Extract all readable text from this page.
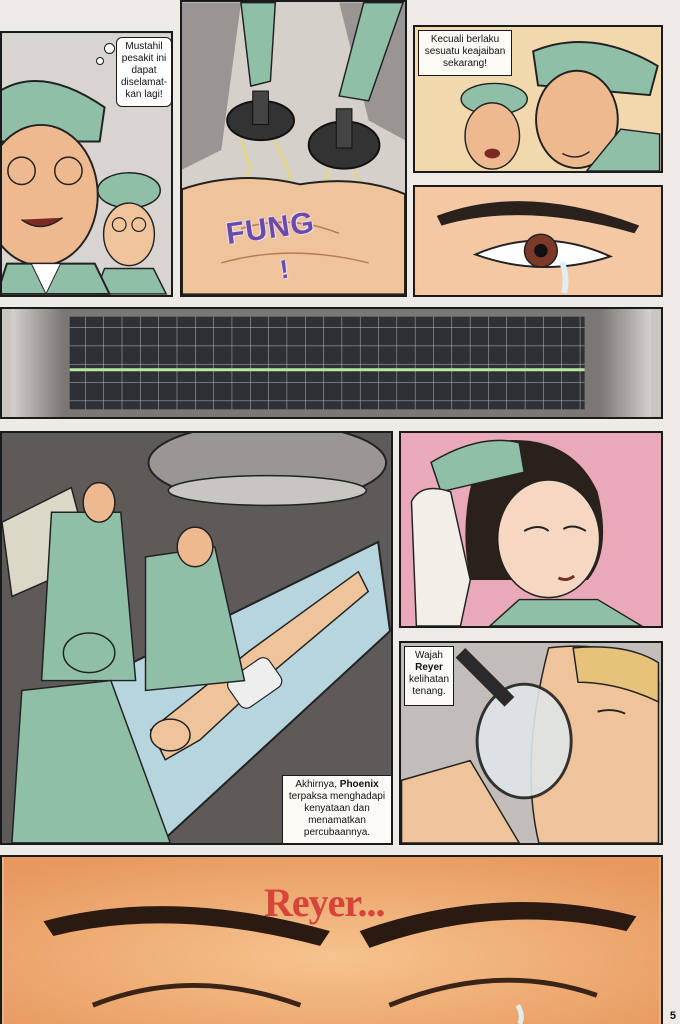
Mustahil pesakit ini dapat diselamat-kan lagi!
FUNG
!
Kecuali berlaku sesuatu keajaiban sekarang!
Akhirnya, Phoenix terpaksa menghadapi kenyataan dan menamatkan percubaannya.
Wajah
Reyer kelihatan tenang.
Reyer...
5
